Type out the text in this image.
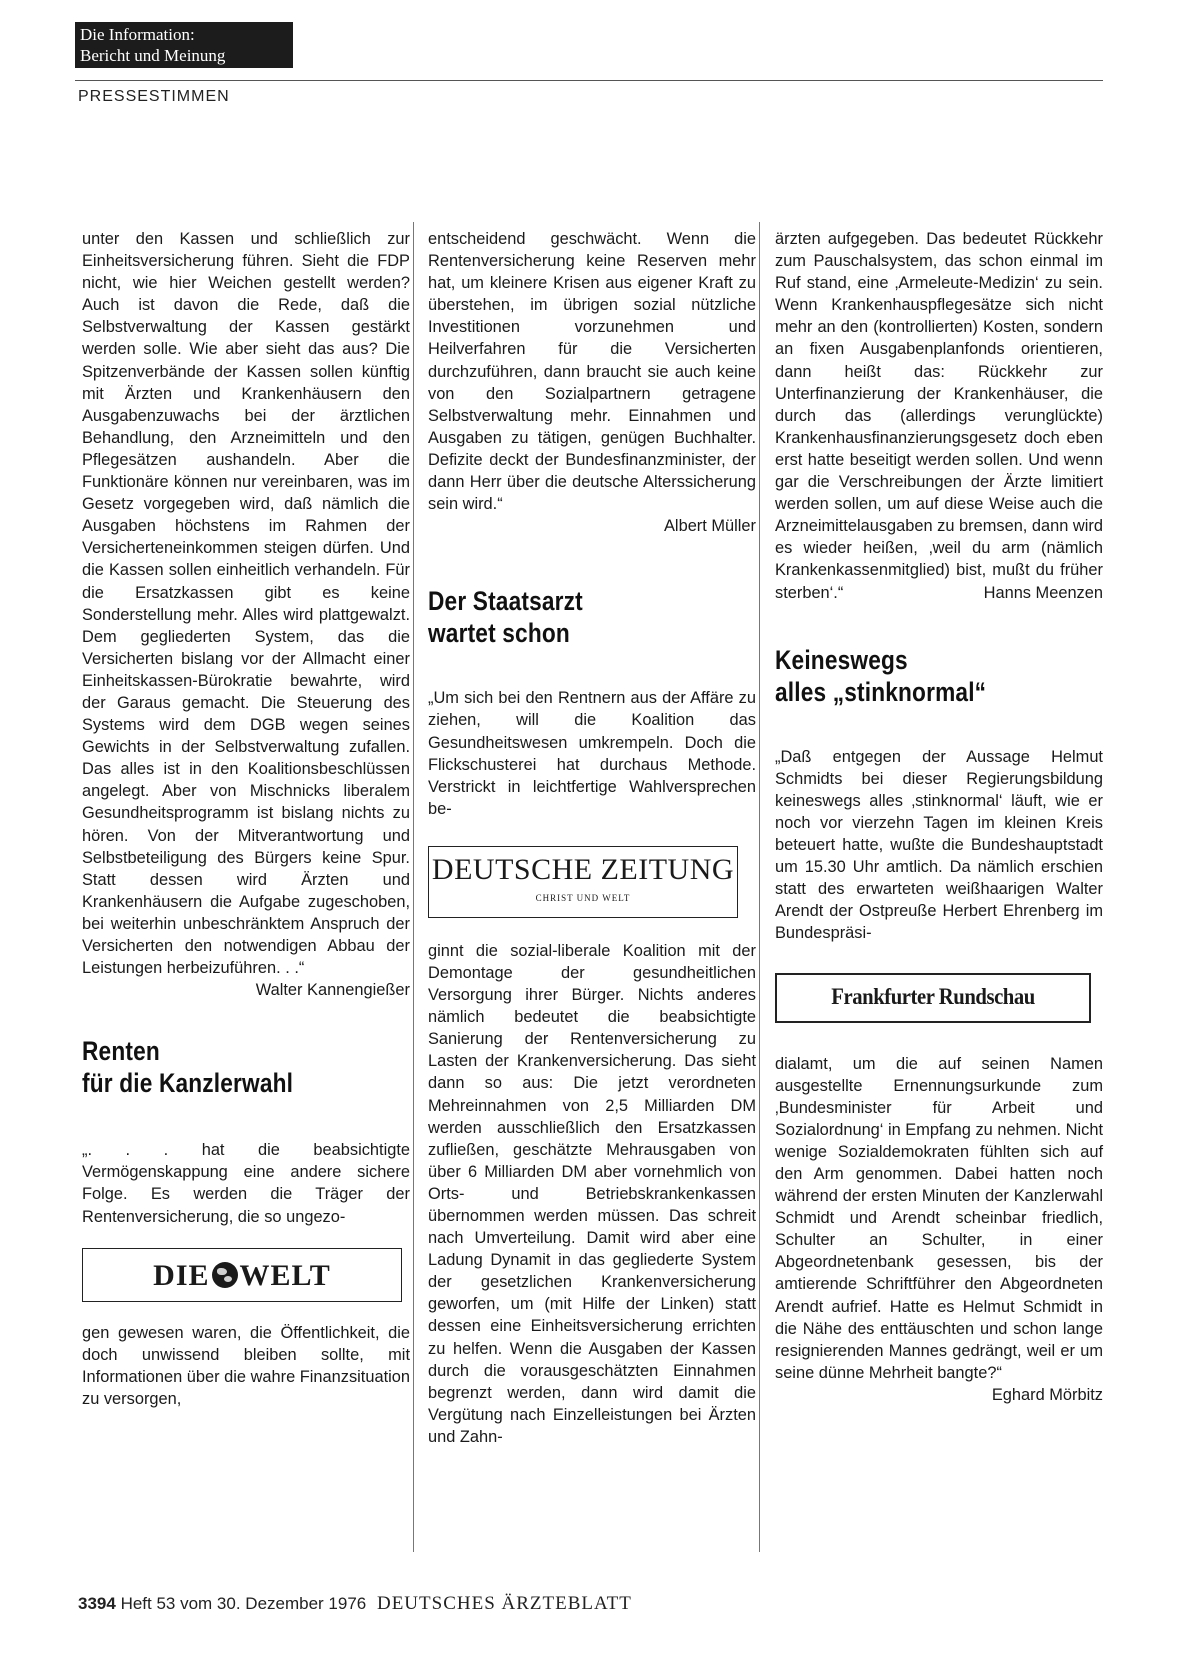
Die Information:
Bericht und Meinung
PRESSESTIMMEN

unter den Kassen und schließlich zur Einheitsversicherung führen. Sieht die FDP nicht, wie hier Weichen gestellt werden? Auch ist davon die Rede, daß die Selbstverwaltung der Kassen gestärkt werden solle. Wie aber sieht das aus? Die Spitzenverbände der Kassen sollen künftig mit Ärzten und Krankenhäusern den Ausgabenzuwachs bei der ärztlichen Behandlung, den Arzneimitteln und den Pflegesätzen aushandeln. Aber die Funktionäre können nur vereinbaren, was im Gesetz vorgegeben wird, daß nämlich die Ausgaben höchstens im Rahmen der Versicherteneinkommen steigen dürfen. Und die Kassen sollen einheitlich verhandeln. Für die Ersatzkassen gibt es keine Sonderstellung mehr. Alles wird plattgewalzt. Dem gegliederten System, das die Versicherten bislang vor der Allmacht einer Einheitskassen-Bürokratie bewahrte, wird der Garaus gemacht. Die Steuerung des Systems wird dem DGB wegen seines Gewichts in der Selbstverwaltung zufallen. Das alles ist in den Koalitionsbeschlüssen angelegt. Aber von Mischnicks liberalem Gesundheitsprogramm ist bislang nichts zu hören. Von der Mitverantwortung und Selbstbeteiligung des Bürgers keine Spur. Statt dessen wird Ärzten und Krankenhäusern die Aufgabe zugeschoben, bei weiterhin unbeschränktem Anspruch der Versicherten den notwendigen Abbau der Leistungen herbeizuführen. . .“

Walter Kannengießer

Renten
für die Kanzlerwahl

„. . . hat die beabsichtigte Vermögenskappung eine andere sichere Folge. Es werden die Träger der Rentenversicherung, die so ungezo-

DIE WELT

gen gewesen waren, die Öffentlichkeit, die doch unwissend bleiben sollte, mit Informationen über die wahre Finanzsituation zu versorgen,

entscheidend geschwächt. Wenn die Rentenversicherung keine Reserven mehr hat, um kleinere Krisen aus eigener Kraft zu überstehen, im übrigen sozial nützliche Investitionen vorzunehmen und Heilverfahren für die Versicherten durchzuführen, dann braucht sie auch keine von den Sozialpartnern getragene Selbstverwaltung mehr. Einnahmen und Ausgaben zu tätigen, genügen Buchhalter. Defizite deckt der Bundesfinanzminister, der dann Herr über die deutsche Alterssicherung sein wird.“

Albert Müller

Der Staatsarzt
wartet schon

„Um sich bei den Rentnern aus der Affäre zu ziehen, will die Koalition das Gesundheitswesen umkrempeln. Doch die Flickschusterei hat durchaus Methode. Verstrickt in leichtfertige Wahlversprechen be-

DEUTSCHE ZEITUNG
CHRIST UND WELT

ginnt die sozial-liberale Koalition mit der Demontage der gesundheitlichen Versorgung ihrer Bürger. Nichts anderes nämlich bedeutet die beabsichtigte Sanierung der Rentenversicherung zu Lasten der Krankenversicherung. Das sieht dann so aus: Die jetzt verordneten Mehreinnahmen von 2,5 Milliarden DM werden ausschließlich den Ersatzkassen zufließen, geschätzte Mehrausgaben von über 6 Milliarden DM aber vornehmlich von Orts- und Betriebskrankenkassen übernommen werden müssen. Das schreit nach Umverteilung. Damit wird aber eine Ladung Dynamit in das gegliederte System der gesetzlichen Krankenversicherung geworfen, um (mit Hilfe der Linken) statt dessen eine Einheitsversicherung errichten zu helfen. Wenn die Ausgaben der Kassen durch die vorausgeschätzten Einnahmen begrenzt werden, dann wird damit die Vergütung nach Einzelleistungen bei Ärzten und Zahn-

ärzten aufgegeben. Das bedeutet Rückkehr zum Pauschalsystem, das schon einmal im Ruf stand, eine ‚Armeleute-Medizin‘ zu sein. Wenn Krankenhauspflegesätze sich nicht mehr an den (kontrollierten) Kosten, sondern an fixen Ausgabenplanfonds orientieren, dann heißt das: Rückkehr zur Unterfinanzierung der Krankenhäuser, die durch das (allerdings verunglückte) Krankenhausfinanzierungsgesetz doch eben erst hatte beseitigt werden sollen. Und wenn gar die Verschreibungen der Ärzte limitiert werden sollen, um auf diese Weise auch die Arzneimittelausgaben zu bremsen, dann wird es wieder heißen, ‚weil du arm (nämlich Krankenkassenmitglied) bist, mußt du früher sterben‘.“	Hanns Meenzen

Keineswegs
alles „stinknormal“

„Daß entgegen der Aussage Helmut Schmidts bei dieser Regierungsbildung keineswegs alles ‚stinknormal‘ läuft, wie er noch vor vierzehn Tagen im kleinen Kreis beteuert hatte, wußte die Bundeshauptstadt um 15.30 Uhr amtlich. Da nämlich erschien statt des erwarteten weißhaarigen Walter Arendt der Ostpreuße Herbert Ehrenberg im Bundespräsi-

Frankfurter Rundschau

dialamt, um die auf seinen Namen ausgestellte Ernennungsurkunde zum ‚Bundesminister für Arbeit und Sozialordnung‘ in Empfang zu nehmen. Nicht wenige Sozialdemokraten fühlten sich auf den Arm genommen. Dabei hatten noch während der ersten Minuten der Kanzlerwahl Schmidt und Arendt scheinbar friedlich, Schulter an Schulter, in einer Abgeordnetenbank gesessen, bis der amtierende Schriftführer den Abgeordneten Arendt aufrief. Hatte es Helmut Schmidt in die Nähe des enttäuschten und schon lange resignierenden Mannes gedrängt, weil er um seine dünne Mehrheit bangte?“

Eghard Mörbitz

3394 Heft 53 vom 30. Dezember 1976 DEUTSCHES ÄRZTEBLATT
